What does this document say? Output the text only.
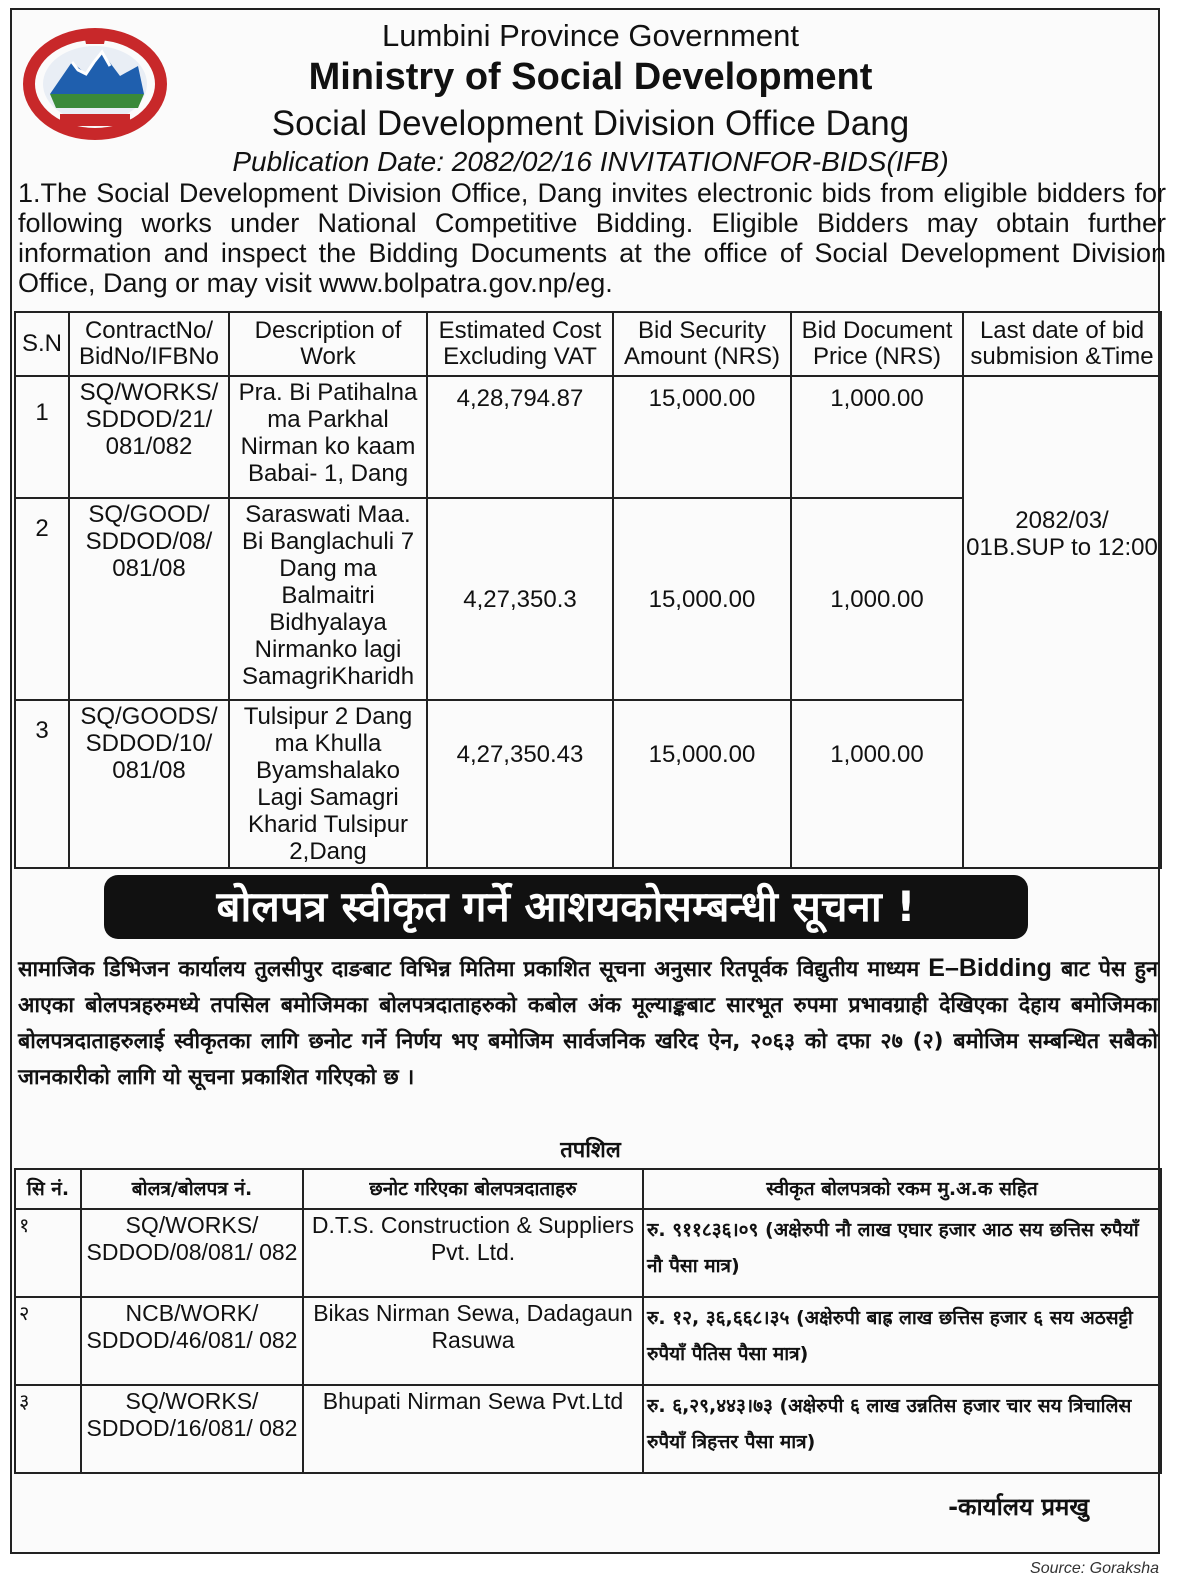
Lumbini Province Government
Ministry of Social Development
Social Development Division Office Dang
Publication Date: 2082/02/16 INVITATIONFOR-BIDS(IFB)
1.The Social Development Division Office, Dang invites electronic bids from eligible bidders for following works under National Competitive Bidding. Eligible Bidders may obtain further information and inspect the Bidding Documents at the office of Social Development Division Office, Dang or may visit www.bolpatra.gov.np/eg.
S.N	ContractNo/ BidNo/IFBNo	Description of Work	Estimated Cost Excluding VAT	Bid Security Amount (NRS)	Bid Document Price (NRS)	Last date of bid submision &Time
1	SQ/WORKS/ SDDOD/21/ 081/082	Pra. Bi Patihalna ma Parkhal Nirman ko kaam Babai- 1, Dang	4,28,794.87	15,000.00	1,000.00	2082/03/ 01B.SUP to 12:00
2	SQ/GOOD/ SDDOD/08/ 081/08	Saraswati Maa. Bi Banglachuli 7 Dang ma Balmaitri Bidhyalaya Nirmanko lagi SamagriKharidh	4,27,350.3	15,000.00	1,000.00	
3	SQ/GOODS/ SDDOD/10/ 081/08	Tulsipur 2 Dang ma Khulla Byamshalako Lagi Samagri Kharid Tulsipur 2,Dang	4,27,350.43	15,000.00	1,000.00	
बोलपत्र स्वीकृत गर्ने आशयकोसम्बन्धी सूचना !
सामाजिक डिभिजन कार्यालय तुलसीपुर दाङबाट विभिन्न मितिमा प्रकाशित सूचना अनुसार रितपूर्वक विद्युतीय माध्यम E–Bidding बाट पेस हुन आएका बोलपत्रहरुमध्ये तपसिल बमोजिमका बोलपत्रदाताहरुको कबोल अंक मूल्याङ्कबाट सारभूत रुपमा प्रभावग्राही देखिएका देहाय बमोजिमका बोलपत्रदाताहरुलाई स्वीकृतका लागि छनोट गर्ने निर्णय भए बमोजिम सार्वजनिक खरिद ऐन, २०६३ को दफा २७ (२) बमोजिम सम्बन्धित सबैको जानकारीको लागि यो सूचना प्रकाशित गरिएको छ ।
तपशिल
सि नं.	बोलत्र/बोलपत्र नं.	छनोट गरिएका बोलपत्रदाताहरु	स्वीकृत बोलपत्रको रकम मु.अ.क सहित
१	SQ/WORKS/ SDDOD/08/081/ 082	D.T.S. Construction & Suppliers Pvt. Ltd.	रु. ९११८३६।०९ (अक्षेरुपी नौ लाख एघार हजार आठ सय छत्तिस रुपैयाँ नौ पैसा मात्र)
२	NCB/WORK/ SDDOD/46/081/ 082	Bikas Nirman Sewa, Dadagaun Rasuwa	रु. १२, ३६,६६८।३५ (अक्षेरुपी बाह्र लाख छत्तिस हजार ६ सय अठसट्टी रुपैयाँ पैतिस पैसा मात्र)
३	SQ/WORKS/ SDDOD/16/081/ 082	Bhupati Nirman Sewa Pvt.Ltd	रु. ६,२९,४४३।७३ (अक्षेरुपी ६ लाख उन्नतिस हजार चार सय त्रिचालिस रुपैयाँ त्रिहत्तर पैसा मात्र)
-कार्यालय प्रमखु
Source: Goraksha
